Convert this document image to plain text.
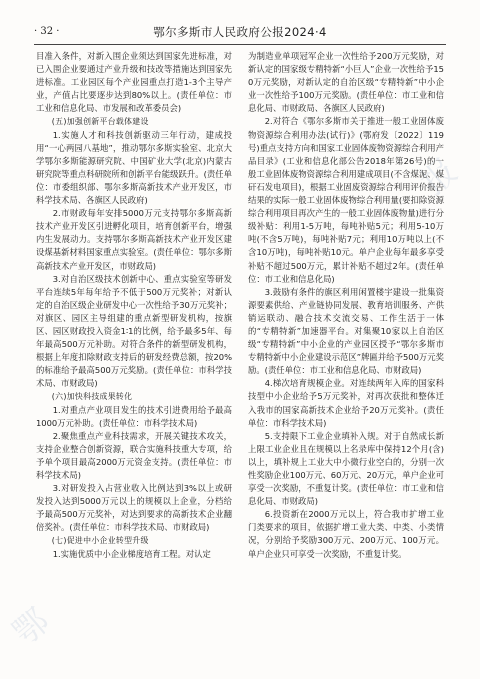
报
鄂
· 32 ·	鄂尔多斯市人民政府公报2024·4

目准入条件，对新入围企业须达到国家先进标准，对已入围企业要通过产业升级和技改等措施达到国家先进标准。工业园区每个产业园重点打造1-3个主导产业，产值占比要逐步达到80%以上。(责任单位：市工业和信息化局、市发展和改革委员会)

(五)加强创新平台载体建设

1.实施人才和科技创新驱动三年行动，建成投用“一心两园八基地”，推动鄂尔多斯实验室、北京大学鄂尔多斯能源研究院、中国矿业大学(北京)内蒙古研究院等重点科研院所和创新平台能级跃升。(责任单位：市委组织部、鄂尔多斯高新技术产业开发区，市科学技术局、各旗区人民政府)

2.市财政每年安排5000万元支持鄂尔多斯高新技术产业开发区引进孵化项目，培育创新平台，增强内生发展动力。支持鄂尔多斯高新技术产业开发区建设煤基新材料国家重点实验室。(责任单位：鄂尔多斯高新技术产业开发区，市财政局)

3.对自治区级技术创新中心、重点实验室等研发平台连续5年每年给予不低于500万元奖补；对新认定的自治区级企业研发中心一次性给予30万元奖补；对旗区、园区主导组建的重点新型研发机构，按旗区、园区财政投入资金1∶1的比例，给予最多5年、每年最高500万元补助。对符合条件的新型研发机构，根据上年度扣除财政支持后的研发经费总额，按20%的标准给予最高500万元奖励。(责任单位：市科学技术局、市财政局)

(六)加快科技成果转化

1.对重点产业项目发生的技术引进费用给予最高1000万元补助。(责任单位：市科学技术局)

2.聚焦重点产业科技需求，开展关键技术攻关，支持企业整合创新资源，联合实施科技重大专项，给予单个项目最高2000万元资金支持。(责任单位：市科学技术局)

3.对研发投入占营业收入比例达到3%以上或研发投入达到5000万元以上的规模以上企业，分档给予最高500万元奖补，对达到要求的高新技术企业翻倍奖补。(责任单位：市科学技术局、市财政局)

(七)促进中小企业转型升级

1.实施优质中小企业梯度培育工程。对认定

为制造业单项冠军企业一次性给予200万元奖励，对新认定的国家级专精特新“小巨人”企业一次性给予150万元奖励，对新认定的自治区级“专精特新”中小企业一次性给予100万元奖励。(责任单位：市工业和信息化局、市财政局、各旗区人民政府)

2.对符合《鄂尔多斯市关于推进一般工业固体废物资源综合利用办法(试行)》(鄂府发〔2022〕119号)重点支持方向和国家工业固体废物资源综合利用产品目录》(工业和信息化部公告2018年第26号)的一般工业固体废物资源综合利用建成项目(不含煤泥、煤矸石发电项目)，根据工业固废资源综合利用评价报告结果的实际一般工业固体废物综合利用量(要扣除资源综合利用项目再次产生的一般工业固体废物量)进行分级补贴：利用1-5万吨，每吨补贴5元；利用5-10万吨(不含5万吨)，每吨补贴7元；利用10万吨以上(不含10万吨)，每吨补贴10元。单户企业每年最多享受补贴不超过500万元，累计补贴不超过2年。(责任单位：市工业和信息化局)

3.鼓励有条件的旗区利用闲置楼宇建设一批集资源要素供给、产业链协同发展、教育培训服务、产供销运联动、融合技术交流交易、工作生活于一体的“专精特新”加速器平台。对集聚10家以上自治区级“专精特新”中小企业的产业园区授予“鄂尔多斯市专精特新中小企业建设示范区”牌匾并给予500万元奖励。(责任单位：市工业和信息化局、市财政局)

4.梯次培育规模企业。对连续两年入库的国家科技型中小企业给予5万元奖补，对再次获批和整体迁入我市的国家高新技术企业给予20万元奖补。(责任单位：市科学技术局)

5.支持限下工业企业填补入规。对于自然成长新上限工业企业且在规模以上名录库中保持12个月(含)以上，填补规上工业大中小微行业空白的，分别一次性奖励企业100万元、60万元、20万元，单户企业可享受一次奖励，不重复计奖。(责任单位：市工业和信息化局、市财政局)

6.投资新在2000万元以上，符合我市扩增工业门类要求的项目，依据扩增工业大类、中类、小类情况，分别给予奖励300万元、200万元、100万元。单户企业只可享受一次奖励，不重复计奖。
